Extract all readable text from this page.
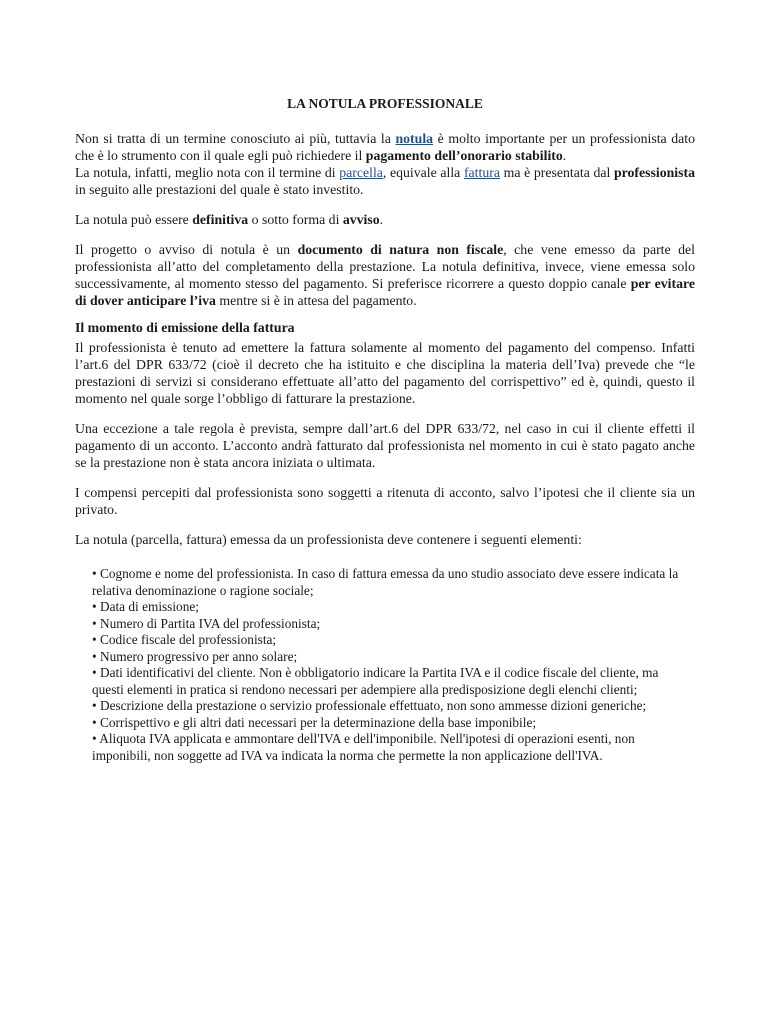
LA NOTULA PROFESSIONALE

Non si tratta di un termine conosciuto ai più, tuttavia la notula è molto importante per un professionista dato che è lo strumento con il quale egli può richiedere il pagamento dell’onorario stabilito.

La notula, infatti, meglio nota con il termine di parcella, equivale alla fattura ma è presentata dal professionista in seguito alle prestazioni del quale è stato investito.

La notula può essere definitiva o sotto forma di avviso.

Il progetto o avviso di notula è un documento di natura non fiscale, che vene emesso da parte del professionista all’atto del completamento della prestazione. La notula definitiva, invece, viene emessa solo successivamente, al momento stesso del pagamento. Si preferisce ricorrere a questo doppio canale per evitare di dover anticipare l’iva mentre si è in attesa del pagamento.

Il momento di emissione della fattura

Il professionista è tenuto ad emettere la fattura solamente al momento del pagamento del compenso. Infatti l’art.6 del DPR 633/72 (cioè il decreto che ha istituito e che disciplina la materia dell’Iva) prevede che “le prestazioni di servizi si considerano effettuate all’atto del pagamento del corrispettivo” ed è, quindi, questo il momento nel quale sorge l’obbligo di fatturare la prestazione.

Una eccezione a tale regola è prevista, sempre dall’art.6 del DPR 633/72, nel caso in cui il cliente effetti il pagamento di un acconto. L’acconto andrà fatturato dal professionista nel momento in cui è stato pagato anche se la prestazione non è stata ancora iniziata o ultimata.

I compensi percepiti dal professionista sono soggetti a ritenuta di acconto, salvo l’ipotesi che il cliente sia un privato.

La notula (parcella, fattura) emessa da un professionista deve contenere i seguenti elementi:

• Cognome e nome del professionista. In caso di fattura emessa da uno studio associato deve essere indicata la relativa denominazione o ragione sociale;
• Data di emissione;
• Numero di Partita IVA del professionista;
• Codice fiscale del professionista;
• Numero progressivo per anno solare;
• Dati identificativi del cliente. Non è obbligatorio indicare la Partita IVA e il codice fiscale del cliente, ma questi elementi in pratica si rendono necessari per adempiere alla predisposizione degli elenchi clienti;
• Descrizione della prestazione o servizio professionale effettuato, non sono ammesse dizioni generiche;
• Corrispettivo e gli altri dati necessari per la determinazione della base imponibile;
• Aliquota IVA applicata e ammontare dell'IVA e dell'imponibile. Nell'ipotesi di operazioni esenti, non imponibili, non soggette ad IVA va indicata la norma che permette la non applicazione dell'IVA.
